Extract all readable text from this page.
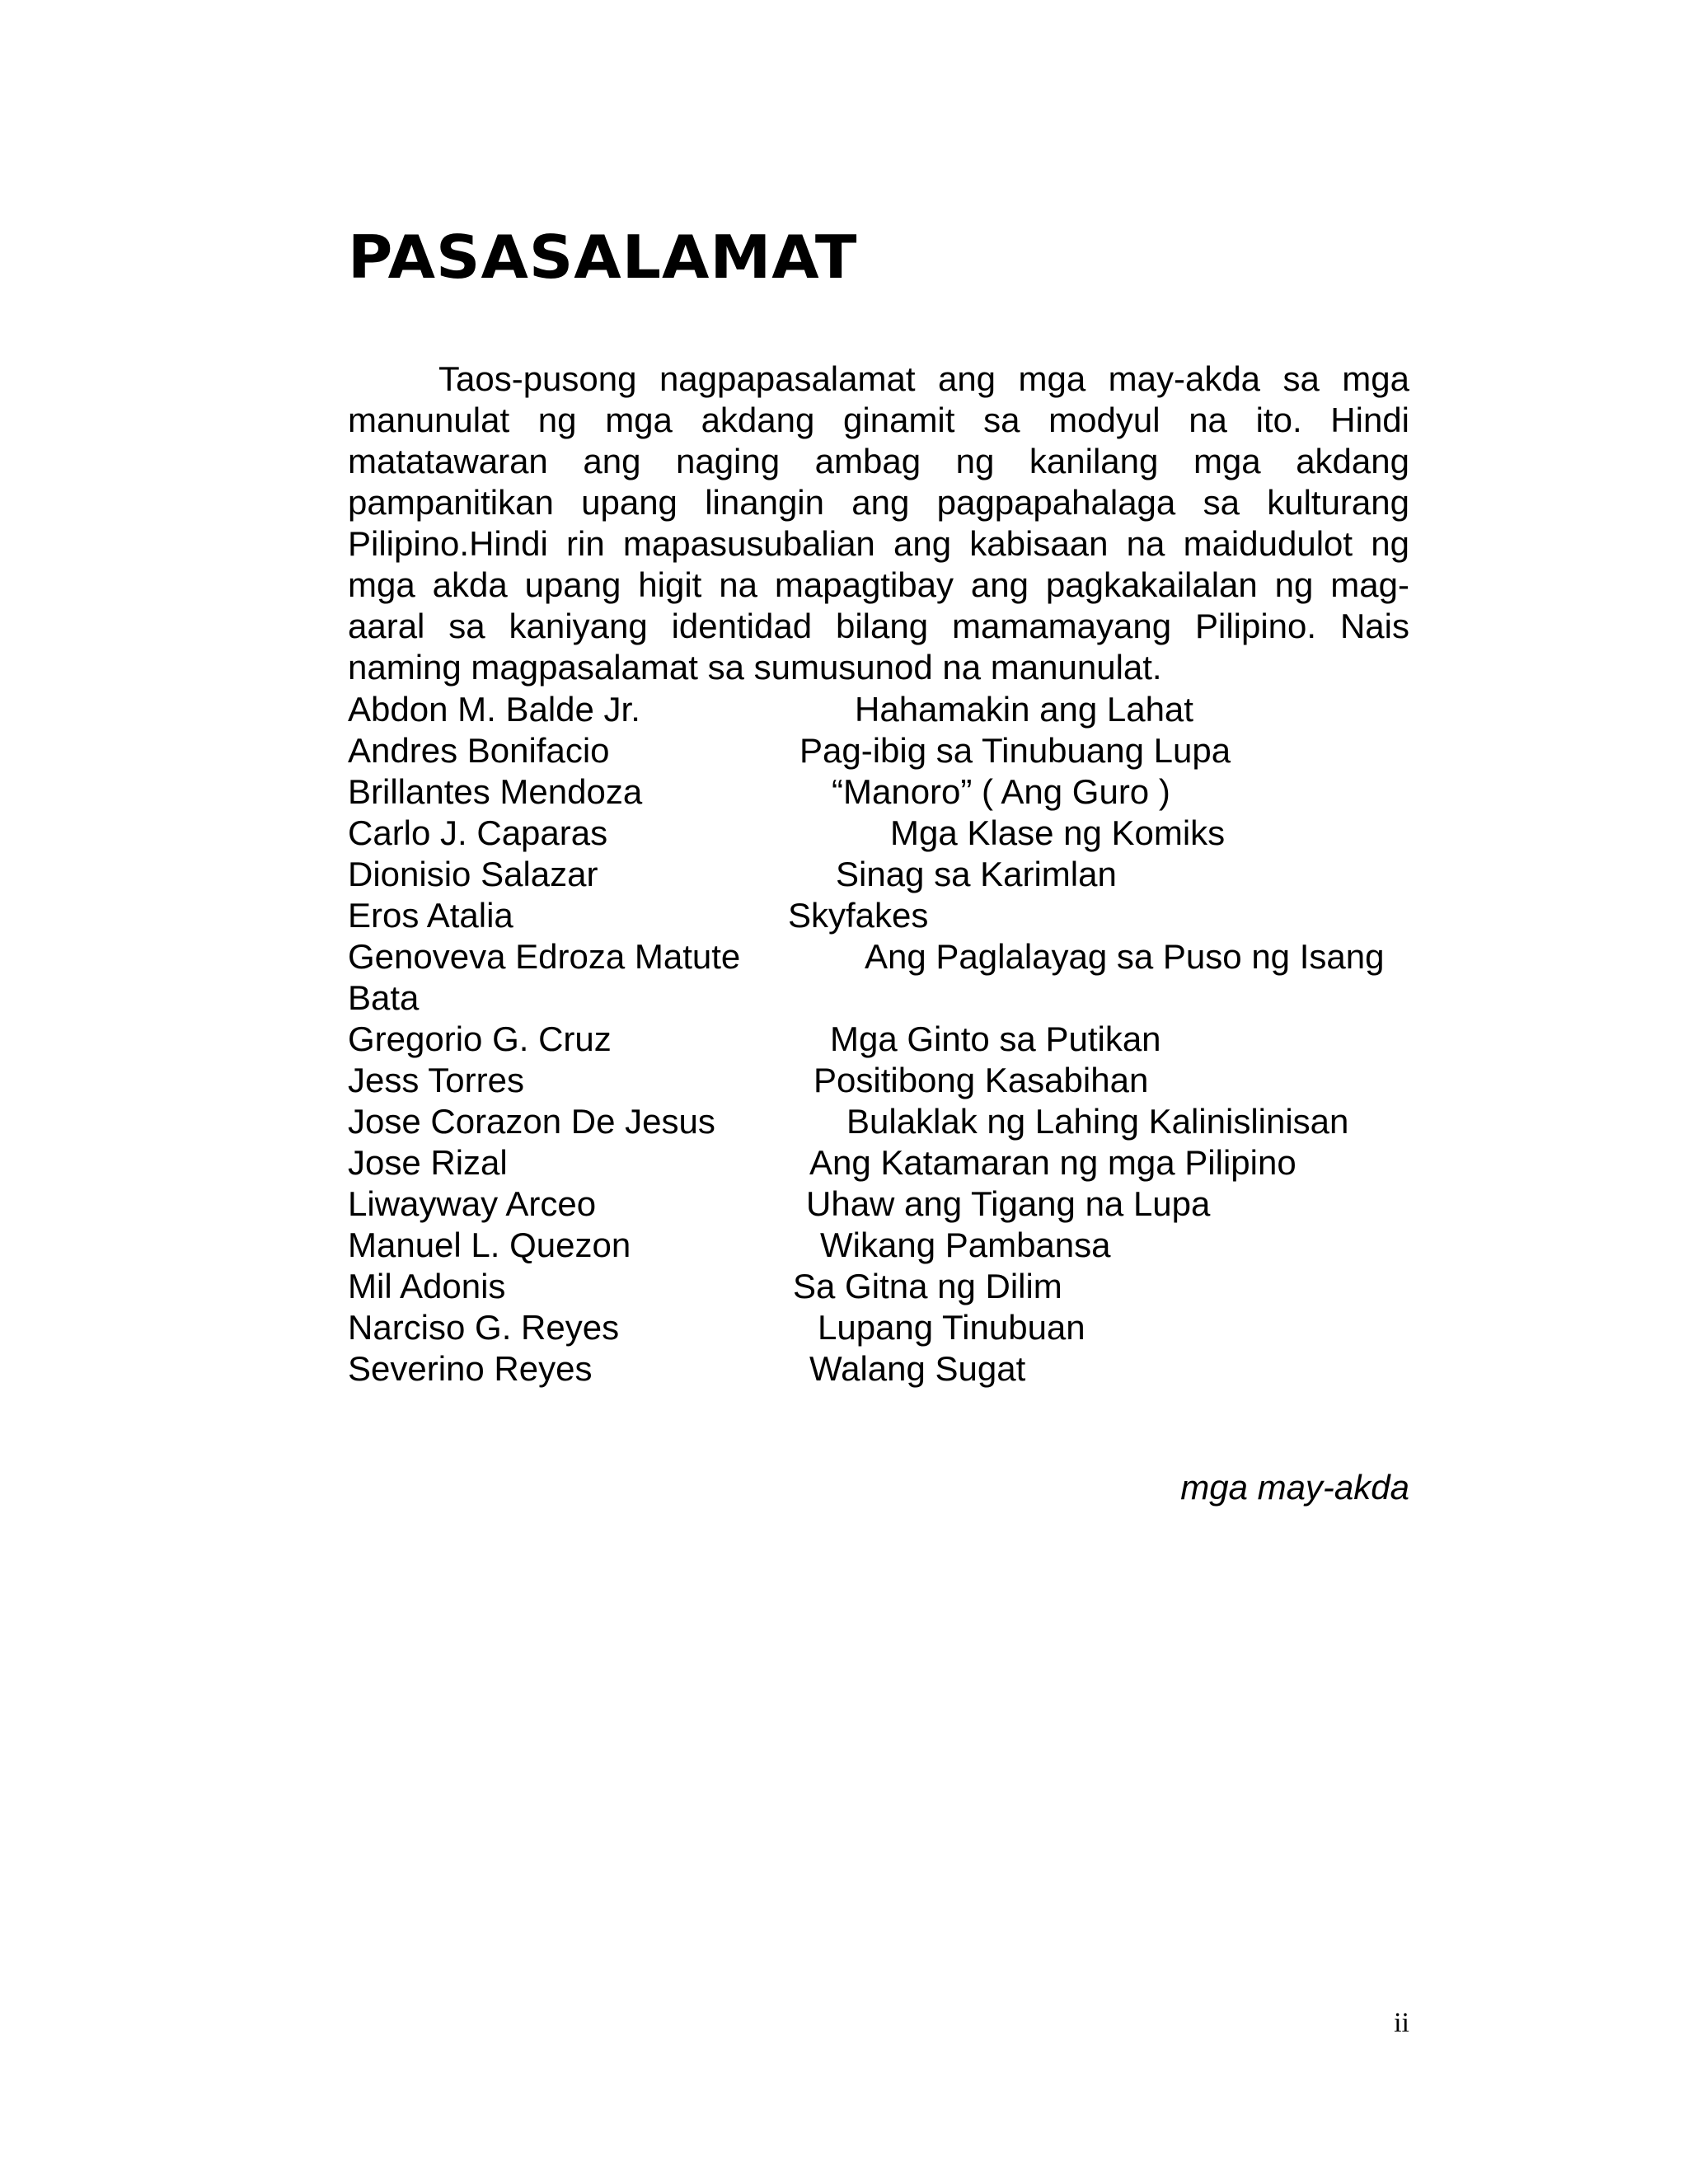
PASASALAMAT

Taos-pusong nagpapasalamat ang mga may-akda sa mga manunulat ng mga akdang ginamit sa modyul na ito. Hindi matatawaran ang naging ambag ng kanilang mga akdang pampanitikan upang linangin ang pagpapahalaga sa kulturang Pilipino.Hindi rin mapasusubalian ang kabisaan na maidudulot ng mga akda upang higit na mapagtibay ang pagkakailalan ng mag-aaral sa kaniyang identidad bilang mamamayang Pilipino. Nais naming magpasalamat sa sumusunod na manunulat.

Abdon M. Balde Jr.	Hahamakin ang Lahat
Andres Bonifacio	Pag-ibig sa Tinubuang Lupa
Brillantes Mendoza	“Manoro” ( Ang Guro )
Carlo J. Caparas	Mga Klase ng Komiks
Dionisio Salazar	Sinag sa Karimlan
Eros Atalia	Skyfakes
Genoveva Edroza Matute	Ang Paglalayag sa Puso ng Isang
Bata
Gregorio G. Cruz	Mga Ginto sa Putikan
Jess Torres	Positibong Kasabihan
Jose Corazon De Jesus	Bulaklak ng Lahing Kalinislinisan
Jose Rizal	Ang Katamaran ng mga Pilipino
Liwayway Arceo	Uhaw ang Tigang na Lupa
Manuel L. Quezon	Wikang Pambansa
Mil Adonis	Sa Gitna ng Dilim
Narciso G. Reyes	Lupang Tinubuan
Severino Reyes	Walang Sugat

mga may-akda

ii
